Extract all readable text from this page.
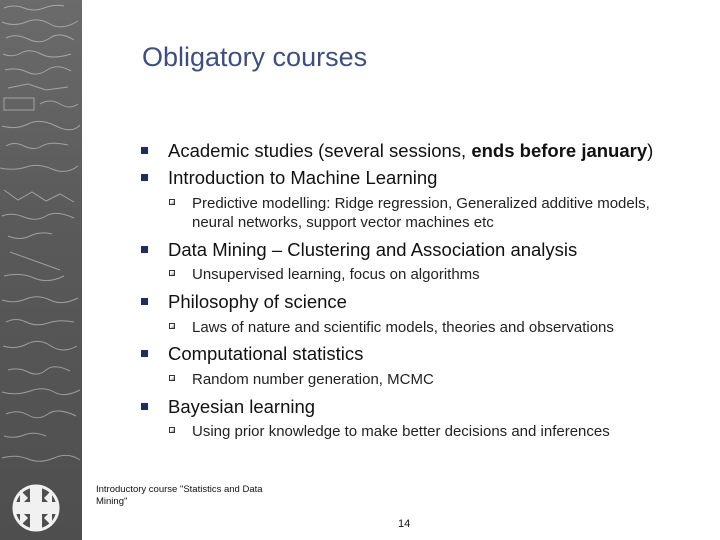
Obligatory courses
Academic studies (several sessions, ends before january)
Introduction to Machine Learning
Predictive modelling: Ridge regression, Generalized additive models, neural networks, support vector machines etc
Data Mining – Clustering and Association analysis
Unsupervised learning, focus on algorithms
Philosophy of science
Laws of nature and scientific models, theories and observations
Computational statistics
Random number generation, MCMC
Bayesian learning
Using prior knowledge to make better decisions and inferences
Introductory course "Statistics and Data Mining"
14
